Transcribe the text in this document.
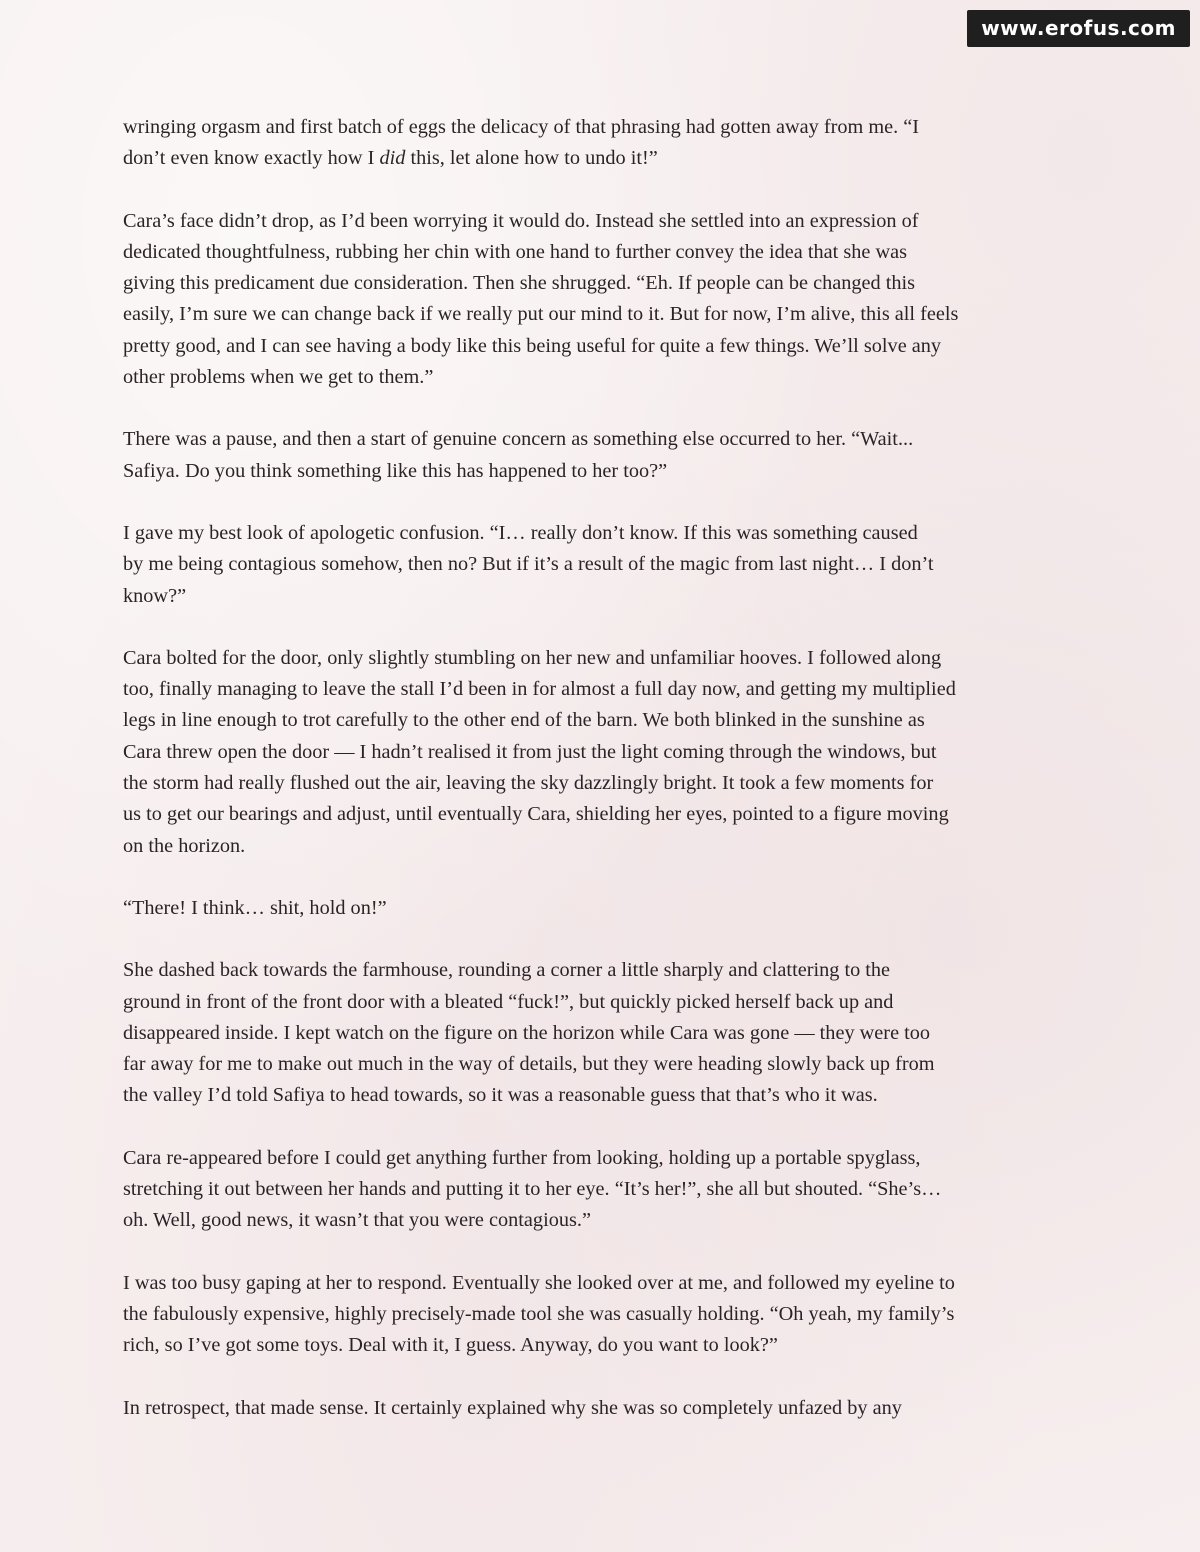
www.erofus.com

wringing orgasm and first batch of eggs the delicacy of that phrasing had gotten away from me. “I
don’t even know exactly how I did this, let alone how to undo it!”

Cara’s face didn’t drop, as I’d been worrying it would do. Instead she settled into an expression of
dedicated thoughtfulness, rubbing her chin with one hand to further convey the idea that she was
giving this predicament due consideration. Then she shrugged. “Eh. If people can be changed this
easily, I’m sure we can change back if we really put our mind to it. But for now, I’m alive, this all feels
pretty good, and I can see having a body like this being useful for quite a few things. We’ll solve any
other problems when we get to them.”

There was a pause, and then a start of genuine concern as something else occurred to her. “Wait...
Safiya. Do you think something like this has happened to her too?”

I gave my best look of apologetic confusion. “I… really don’t know. If this was something caused
by me being contagious somehow, then no? But if it’s a result of the magic from last night… I don’t
know?”

Cara bolted for the door, only slightly stumbling on her new and unfamiliar hooves. I followed along
too, finally managing to leave the stall I’d been in for almost a full day now, and getting my multiplied
legs in line enough to trot carefully to the other end of the barn. We both blinked in the sunshine as
Cara threw open the door — I hadn’t realised it from just the light coming through the windows, but
the storm had really flushed out the air, leaving the sky dazzlingly bright. It took a few moments for
us to get our bearings and adjust, until eventually Cara, shielding her eyes, pointed to a figure moving
on the horizon.

“There! I think… shit, hold on!”

She dashed back towards the farmhouse, rounding a corner a little sharply and clattering to the
ground in front of the front door with a bleated “fuck!”, but quickly picked herself back up and
disappeared inside. I kept watch on the figure on the horizon while Cara was gone — they were too
far away for me to make out much in the way of details, but they were heading slowly back up from
the valley I’d told Safiya to head towards, so it was a reasonable guess that that’s who it was.

Cara re-appeared before I could get anything further from looking, holding up a portable spyglass,
stretching it out between her hands and putting it to her eye. “It’s her!”, she all but shouted. “She’s…
oh. Well, good news, it wasn’t that you were contagious.”

I was too busy gaping at her to respond. Eventually she looked over at me, and followed my eyeline to
the fabulously expensive, highly precisely-made tool she was casually holding. “Oh yeah, my family’s
rich, so I’ve got some toys. Deal with it, I guess. Anyway, do you want to look?”

In retrospect, that made sense. It certainly explained why she was so completely unfazed by any
